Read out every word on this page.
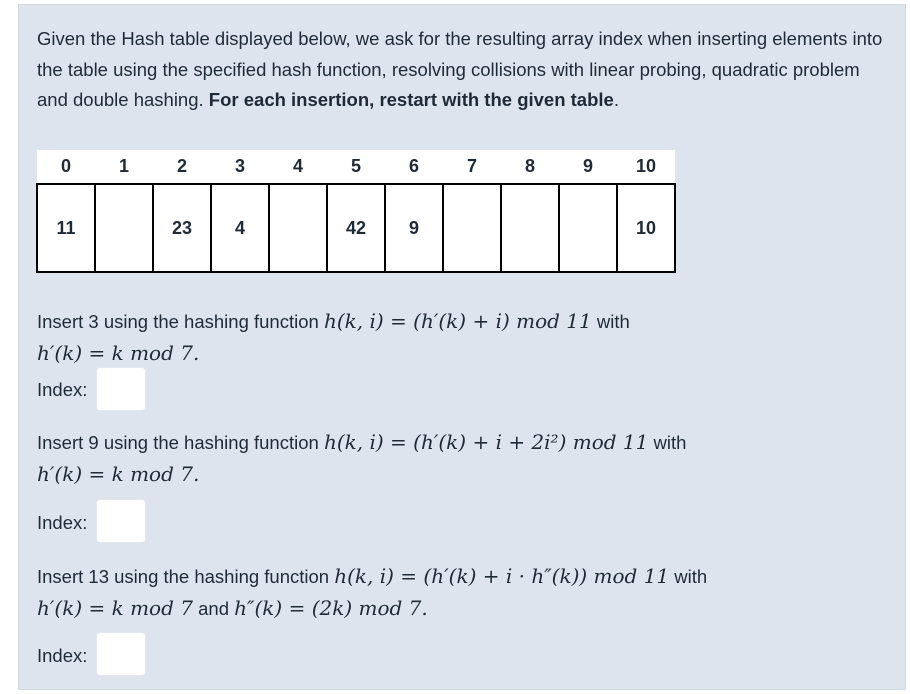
Given the Hash table displayed below, we ask for the resulting array index when inserting elements into the table using the specified hash function, resolving collisions with linear probing, quadratic problem and double hashing. For each insertion, restart with the given table.
0	1	2	3	4	5	6	7	8	9	10
11		23	4		42	9				10
Insert 3 using the hashing function h(k, i) = (h′(k) + i) mod 11 with
h′(k) = k mod 7.
Index:
Insert 9 using the hashing function h(k, i) = (h′(k) + i + 2i²) mod 11 with
h′(k) = k mod 7.
Index:
Insert 13 using the hashing function h(k, i) = (h′(k) + i · h″(k)) mod 11 with
h′(k) = k mod 7 and h″(k) = (2k) mod 7.
Index:
